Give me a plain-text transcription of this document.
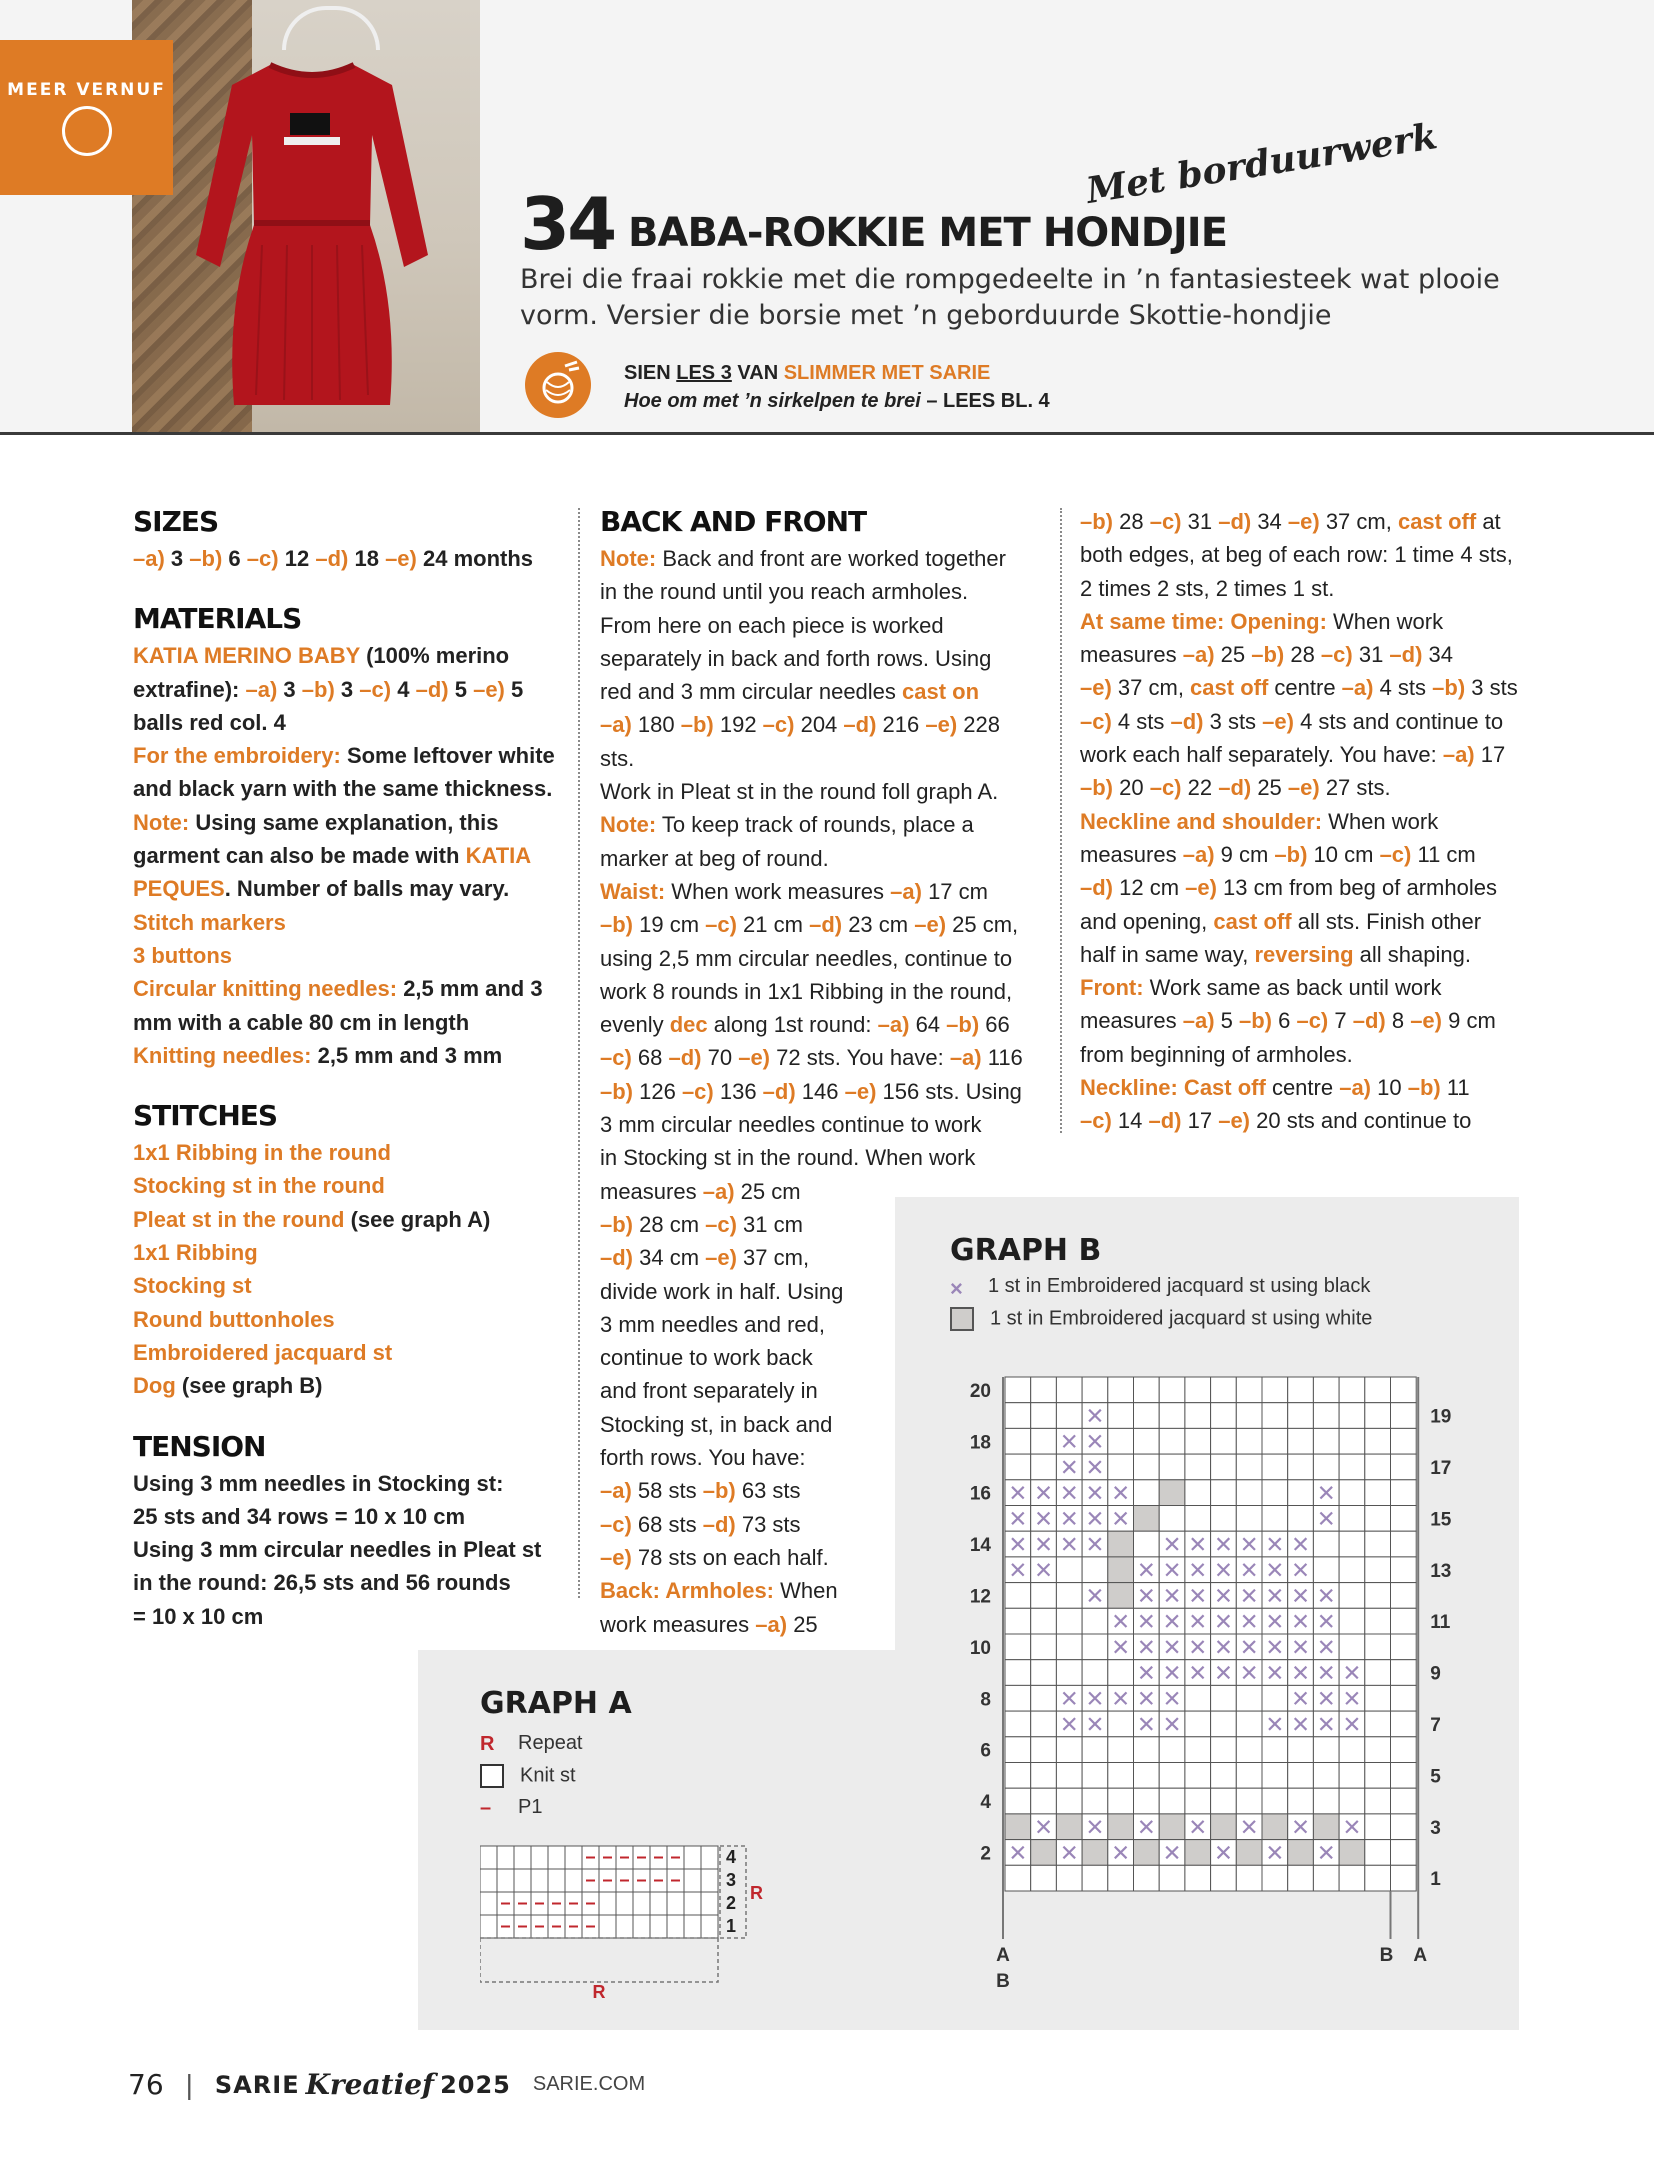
MEER VERNUF
34 BABA-ROKKIE MET HONDJIE
Met borduurwerk
Brei die fraai rokkie met die rompgedeelte in ’n fantasiesteek wat plooie vorm. Versier die borsie met ’n geborduurde Skottie-hondjie
SIEN LES 3 VAN SLIMMER MET SARIE
Hoe om met ’n sirkelpen te brei – LEES BL. 4
SIZES

–a) 3 –b) 6 –c) 12 –d) 18 –e) 24 months

MATERIALS

KATIA MERINO BABY (100% merino extrafine): –a) 3 –b) 3 –c) 4 –d) 5 –e) 5 balls red col. 4

For the embroidery: Some leftover white and black yarn with the same thickness.

Note: Using same explanation, this garment can also be made with KATIA PEQUES. Number of balls may vary.

Stitch markers

3 buttons

Circular knitting needles: 2,5 mm and 3 mm with a cable 80 cm in length

Knitting needles: 2,5 mm and 3 mm

STITCHES

1x1 Ribbing in the round

Stocking st in the round

Pleat st in the round (see graph A)

1x1 Ribbing

Stocking st

Round buttonholes

Embroidered jacquard st

Dog (see graph B)

TENSION

Using 3 mm needles in Stocking st:

25 sts and 34 rows = 10 x 10 cm

Using 3 mm circular needles in Pleat st

in the round: 26,5 sts and 56 rounds

= 10 x 10 cm

BACK AND FRONT

Note: Back and front are worked together

in the round until you reach armholes.

From here on each piece is worked

separately in back and forth rows. Using

red and 3 mm circular needles cast on

–a) 180 –b) 192 –c) 204 –d) 216 –e) 228 sts.

Work in Pleat st in the round foll graph A.

Note: To keep track of rounds, place a

marker at beg of round.

Waist: When work measures –a) 17 cm

–b) 19 cm –c) 21 cm –d) 23 cm –e) 25 cm,

using 2,5 mm circular needles, continue to

work 8 rounds in 1x1 Ribbing in the round,

evenly dec along 1st round: –a) 64 –b) 66

–c) 68 –d) 70 –e) 72 sts. You have: –a) 116

–b) 126 –c) 136 –d) 146 –e) 156 sts. Using

3 mm circular needles continue to work

in Stocking st in the round. When work

measures –a) 25 cm

–b) 28 cm –c) 31 cm

–d) 34 cm –e) 37 cm,

divide work in half. Using

3 mm needles and red,

continue to work back

and front separately in

Stocking st, in back and

forth rows. You have:

–a) 58 sts –b) 63 sts

–c) 68 sts –d) 73 sts

–e) 78 sts on each half.

Back: Armholes: When

work measures –a) 25

–b) 28 –c) 31 –d) 34 –e) 37 cm, cast off at

both edges, at beg of each row: 1 time 4 sts,

2 times 2 sts, 2 times 1 st.

At same time: Opening: When work

measures –a) 25 –b) 28 –c) 31 –d) 34

–e) 37 cm, cast off centre –a) 4 sts –b) 3 sts

–c) 4 sts –d) 3 sts –e) 4 sts and continue to

work each half separately. You have: –a) 17

–b) 20 –c) 22 –d) 25 –e) 27 sts.

Neckline and shoulder: When work

measures –a) 9 cm –b) 10 cm –c) 11 cm

–d) 12 cm –e) 13 cm from beg of armholes

and opening, cast off all sts. Finish other

half in same way, reversing all shaping.

Front: Work same as back until work

measures –a) 5 –b) 6 –c) 7 –d) 8 –e) 9 cm

from beginning of armholes.

Neckline: Cast off centre –a) 10 –b) 11

–c) 14 –d) 17 –e) 20 sts and continue to

GRAPH A
R Repeat
Knit st
– P1
4
3
2
1
R
R
GRAPH B
× 1 st in Embroidered jacquard st using black
1 st in Embroidered jacquard st using white
20
18
16
14
12
10
8
6
4
2
19
17
15
13
11
9
7
5
3
1
A
B
B A
76 | SARIE Kreatief 2025 SARIE.COM
